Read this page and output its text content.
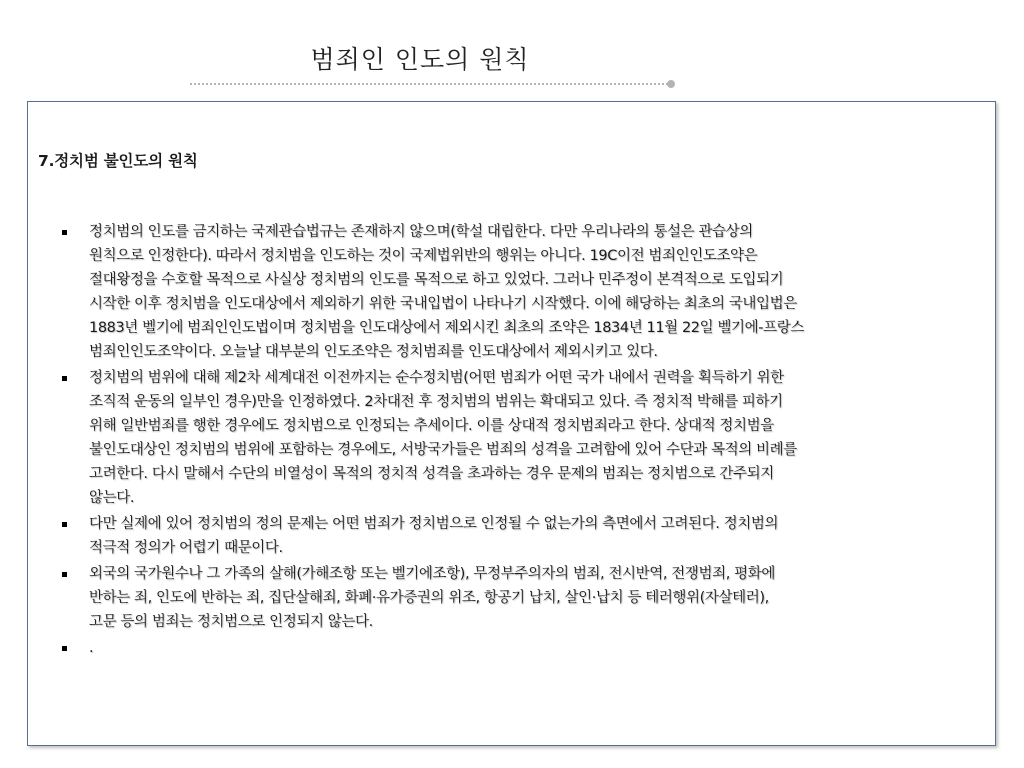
범죄인 인도의 원칙
7.정치범 불인도의 원칙
정치범의 인도를 금지하는 국제관습법규는 존재하지 않으며(학설 대립한다. 다만 우리나라의 통설은 관습상의
원칙으로 인정한다). 따라서 정치범을 인도하는 것이 국제법위반의 행위는 아니다. 19C이전 범죄인인도조약은
절대왕정을 수호할 목적으로 사실상 정치범의 인도를 목적으로 하고 있었다. 그러나 민주정이 본격적으로 도입되기
시작한 이후 정치범을 인도대상에서 제외하기 위한 국내입법이 나타나기 시작했다. 이에 해당하는 최초의 국내입법은
1883년 벨기에 범죄인인도법이며 정치범을 인도대상에서 제외시킨 최초의 조약은 1834년 11월 22일 벨기에-프랑스
범죄인인도조약이다. 오늘날 대부분의 인도조약은 정치범죄를 인도대상에서 제외시키고 있다.
정치범의 범위에 대해 제2차 세계대전 이전까지는 순수정치범(어떤 범죄가 어떤 국가 내에서 권력을 획득하기 위한
조직적 운동의 일부인 경우)만을 인정하였다. 2차대전 후 정치범의 범위는 확대되고 있다. 즉 정치적 박해를 피하기
위해 일반범죄를 행한 경우에도 정치범으로 인정되는 추세이다. 이를 상대적 정치범죄라고 한다. 상대적 정치범을
불인도대상인 정치범의 범위에 포함하는 경우에도, 서방국가들은 범죄의 성격을 고려함에 있어 수단과 목적의 비례를
고려한다. 다시 말해서 수단의 비열성이 목적의 정치적 성격을 초과하는 경우 문제의 범죄는 정치범으로 간주되지
않는다.
다만 실제에 있어 정치범의 정의 문제는 어떤 범죄가 정치범으로 인정될 수 없는가의 측면에서 고려된다. 정치범의
적극적 정의가 어렵기 때문이다.
외국의 국가원수나 그 가족의 살해(가해조항 또는 벨기에조항), 무정부주의자의 범죄, 전시반역, 전쟁범죄, 평화에
반하는 죄, 인도에 반하는 죄, 집단살해죄, 화폐·유가증권의 위조, 항공기 납치, 살인·납치 등 테러행위(자살테러),
고문 등의 범죄는 정치범으로 인정되지 않는다.
.
